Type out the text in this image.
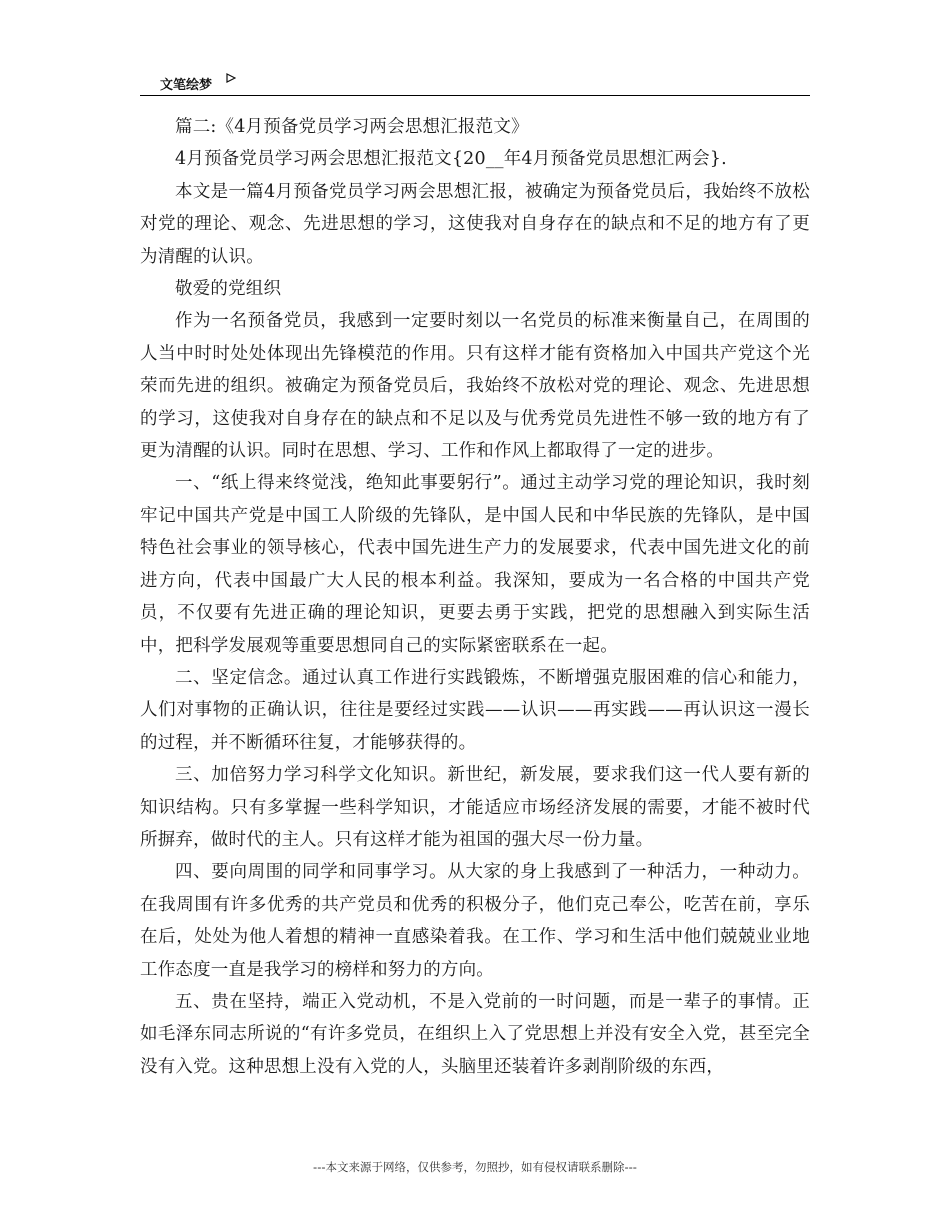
文笔绘梦

篇二:《4月预备党员学习两会思想汇报范文》

4月预备党员学习两会思想汇报范文{20__年4月预备党员思想汇两会}.

本文是一篇4月预备党员学习两会思想汇报，被确定为预备党员后，我始终不放松对党的理论、观念、先进思想的学习，这使我对自身存在的缺点和不足的地方有了更为清醒的认识。

敬爱的党组织

作为一名预备党员，我感到一定要时刻以一名党员的标准来衡量自己，在周围的人当中时时处处体现出先锋模范的作用。只有这样才能有资格加入中国共产党这个光荣而先进的组织。被确定为预备党员后，我始终不放松对党的理论、观念、先进思想的学习，这使我对自身存在的缺点和不足以及与优秀党员先进性不够一致的地方有了更为清醒的认识。同时在思想、学习、工作和作风上都取得了一定的进步。

一、“纸上得来终觉浅，绝知此事要躬行”。通过主动学习党的理论知识，我时刻牢记中国共产党是中国工人阶级的先锋队，是中国人民和中华民族的先锋队，是中国特色社会事业的领导核心，代表中国先进生产力的发展要求，代表中国先进文化的前进方向，代表中国最广大人民的根本利益。我深知，要成为一名合格的中国共产党员，不仅要有先进正确的理论知识，更要去勇于实践，把党的思想融入到实际生活中，把科学发展观等重要思想同自己的实际紧密联系在一起。

二、坚定信念。通过认真工作进行实践锻炼，不断增强克服困难的信心和能力，人们对事物的正确认识，往往是要经过实践——认识——再实践——再认识这一漫长的过程，并不断循环往复，才能够获得的。

三、加倍努力学习科学文化知识。新世纪，新发展，要求我们这一代人要有新的知识结构。只有多掌握一些科学知识，才能适应市场经济发展的需要，才能不被时代所摒弃，做时代的主人。只有这样才能为祖国的强大尽一份力量。

四、要向周围的同学和同事学习。从大家的身上我感到了一种活力，一种动力。在我周围有许多优秀的共产党员和优秀的积极分子，他们克己奉公，吃苦在前，享乐在后，处处为他人着想的精神一直感染着我。在工作、学习和生活中他们兢兢业业地工作态度一直是我学习的榜样和努力的方向。

五、贵在坚持，端正入党动机，不是入党前的一时问题，而是一辈子的事情。正如毛泽东同志所说的“有许多党员，在组织上入了党思想上并没有安全入党，甚至完全没有入党。这种思想上没有入党的人，头脑里还装着许多剥削阶级的东西，

---本文来源于网络，仅供参考，勿照抄，如有侵权请联系删除---
